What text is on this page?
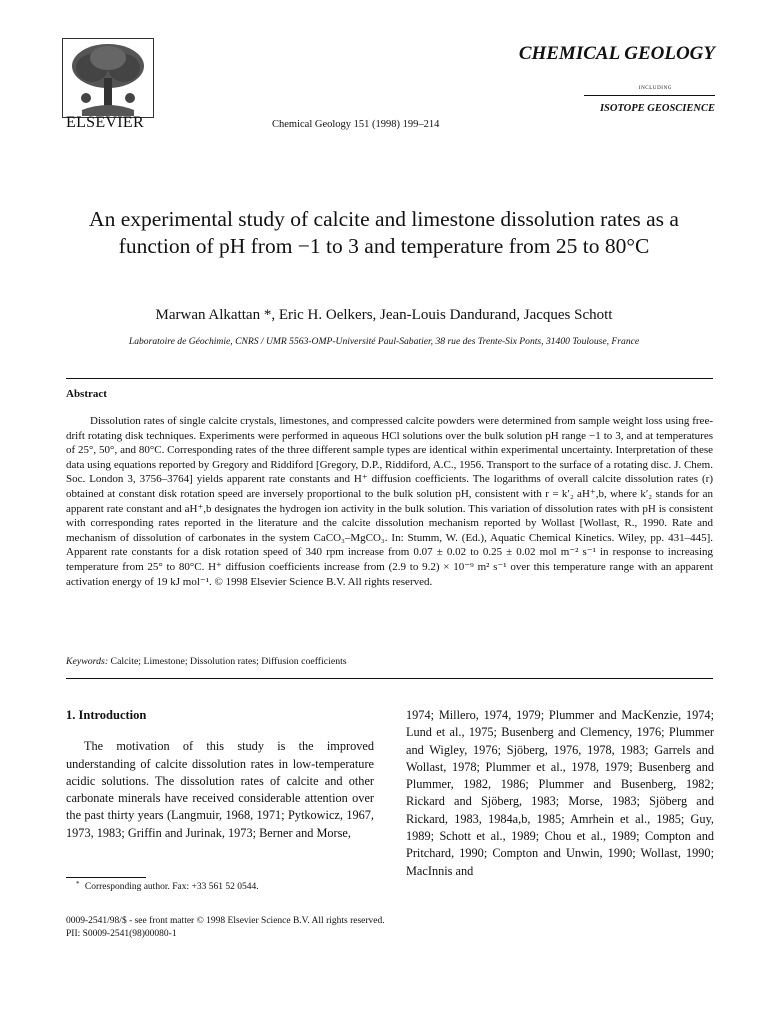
ELSEVIER	Chemical Geology 151 (1998) 199–214
CHEMICAL GEOLOGY
INCLUDING
ISOTOPE GEOSCIENCE
An experimental study of calcite and limestone dissolution rates as a function of pH from −1 to 3 and temperature from 25 to 80°C
Marwan Alkattan *, Eric H. Oelkers, Jean-Louis Dandurand, Jacques Schott
Laboratoire de Géochimie, CNRS / UMR 5563-OMP-Université Paul-Sabatier, 38 rue des Trente-Six Ponts, 31400 Toulouse, France
Abstract

Dissolution rates of single calcite crystals, limestones, and compressed calcite powders were determined from sample weight loss using free-drift rotating disk techniques. Experiments were performed in aqueous HCl solutions over the bulk solution pH range −1 to 3, and at temperatures of 25°, 50°, and 80°C. Corresponding rates of the three different sample types are identical within experimental uncertainty. Interpretation of these data using equations reported by Gregory and Riddiford [Gregory, D.P., Riddiford, A.C., 1956. Transport to the surface of a rotating disc. J. Chem. Soc. London 3, 3756–3764] yields apparent rate constants and H⁺ diffusion coefficients. The logarithms of overall calcite dissolution rates (r) obtained at constant disk rotation speed are inversely proportional to the bulk solution pH, consistent with r = k′₂ aH⁺,b, where k′₂ stands for an apparent rate constant and aH⁺,b designates the hydrogen ion activity in the bulk solution. This variation of dissolution rates with pH is consistent with corresponding rates reported in the literature and the calcite dissolution mechanism reported by Wollast [Wollast, R., 1990. Rate and mechanism of dissolution of carbonates in the system CaCO₃–MgCO₃. In: Stumm, W. (Ed.), Aquatic Chemical Kinetics. Wiley, pp. 431–445]. Apparent rate constants for a disk rotation speed of 340 rpm increase from 0.07 ± 0.02 to 0.25 ± 0.02 mol m⁻² s⁻¹ in response to increasing temperature from 25° to 80°C. H⁺ diffusion coefficients increase from (2.9 to 9.2) × 10⁻⁹ m² s⁻¹ over this temperature range with an apparent activation energy of 19 kJ mol⁻¹. © 1998 Elsevier Science B.V. All rights reserved.

Keywords: Calcite; Limestone; Dissolution rates; Diffusion coefficients
1. Introduction

The motivation of this study is the improved understanding of calcite dissolution rates in low-temperature acidic solutions. The dissolution rates of calcite and other carbonate minerals have received considerable attention over the past thirty years (Langmuir, 1968, 1971; Pytkowicz, 1967, 1973, 1983; Griffin and Jurinak, 1973; Berner and Morse,

1974; Millero, 1974, 1979; Plummer and MacKenzie, 1974; Lund et al., 1975; Busenberg and Clemency, 1976; Plummer and Wigley, 1976; Sjöberg, 1976, 1978, 1983; Garrels and Wollast, 1978; Plummer et al., 1978, 1979; Busenberg and Plummer, 1982, 1986; Plummer and Busenberg, 1982; Rickard and Sjöberg, 1983; Morse, 1983; Sjöberg and Rickard, 1983, 1984a,b, 1985; Amrhein et al., 1985; Guy, 1989; Schott et al., 1989; Chou et al., 1989; Compton and Pritchard, 1990; Compton and Unwin, 1990; Wollast, 1990; MacInnis and

* Corresponding author. Fax: +33 561 52 0544.
0009-2541/98/$ - see front matter © 1998 Elsevier Science B.V. All rights reserved.
PII: S0009-2541(98)00080-1
